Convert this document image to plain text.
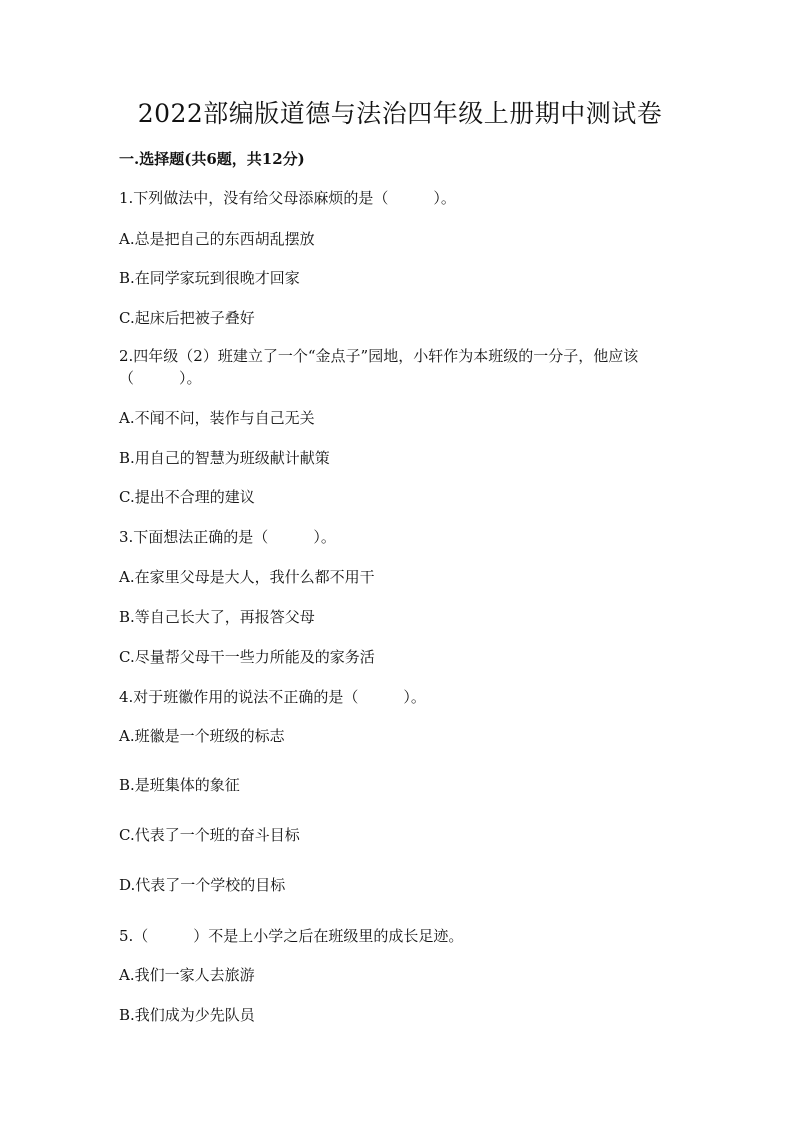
2022部编版道德与法治四年级上册期中测试卷
一.选择题(共6题，共12分)
1.下列做法中，没有给父母添麻烦的是（　　　）。
A.总是把自己的东西胡乱摆放
B.在同学家玩到很晚才回家
C.起床后把被子叠好
2.四年级（2）班建立了一个“金点子”园地，小轩作为本班级的一分子，他应该（　　　）。
A.不闻不问，装作与自己无关
B.用自己的智慧为班级献计献策
C.提出不合理的建议
3.下面想法正确的是（　　　）。
A.在家里父母是大人，我什么都不用干
B.等自己长大了，再报答父母
C.尽量帮父母干一些力所能及的家务活
4.对于班徽作用的说法不正确的是（　　　）。
A.班徽是一个班级的标志
B.是班集体的象征
C.代表了一个班的奋斗目标
D.代表了一个学校的目标
5.（　　　）不是上小学之后在班级里的成长足迹。
A.我们一家人去旅游
B.我们成为少先队员
